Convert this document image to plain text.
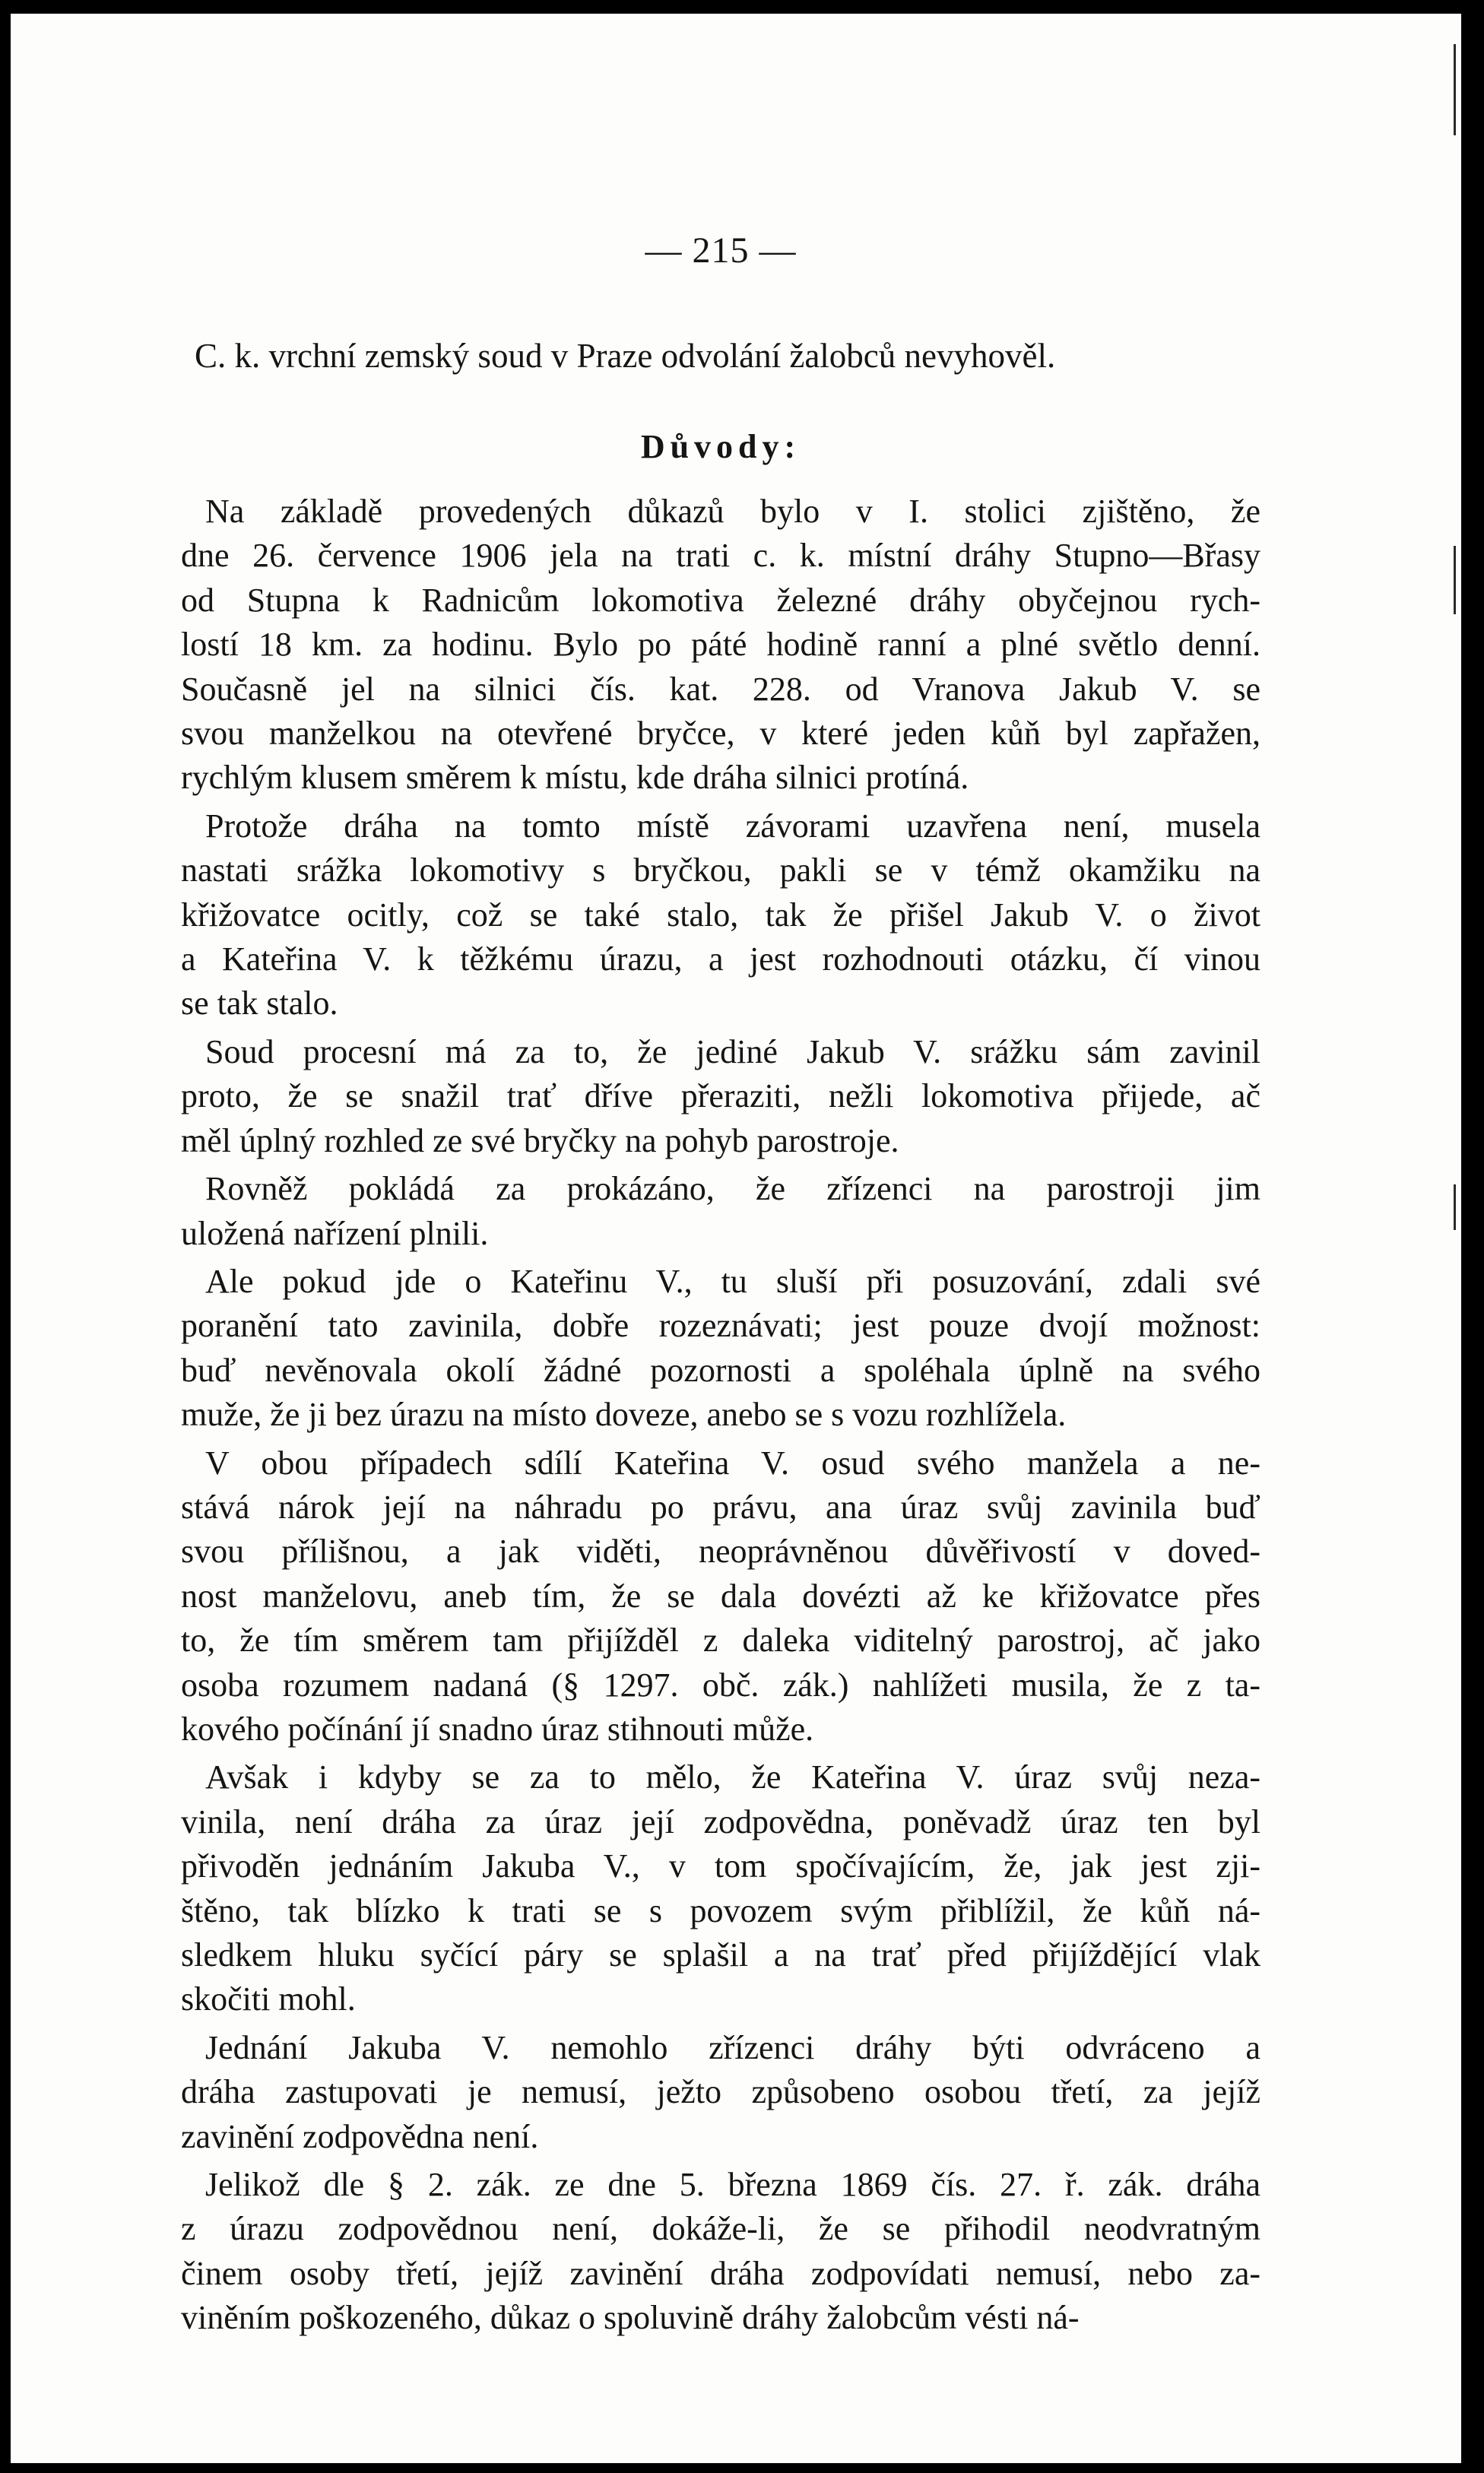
— 215 —
C. k. vrchní zemský soud v Praze odvolání žalobců nevyhověl.
Důvody:
Na základě provedených důkazů bylo v I. stolici zjištěno, že
dne 26. července 1906 jela na trati c. k. místní dráhy Stupno—Břasy
od Stupna k Radnicům lokomotiva železné dráhy obyčejnou rych-
lostí 18 km. za hodinu. Bylo po páté hodině ranní a plné světlo denní.
Současně jel na silnici čís. kat. 228. od Vranova Jakub V. se
svou manželkou na otevřené bryčce, v které jeden kůň byl zapřažen,
rychlým klusem směrem k místu, kde dráha silnici protíná.
Protože dráha na tomto místě závorami uzavřena není, musela
nastati srážka lokomotivy s bryčkou, pakli se v témž okamžiku na
křižovatce ocitly, což se také stalo, tak že přišel Jakub V. o život
a Kateřina V. k těžkému úrazu, a jest rozhodnouti otázku, čí vinou
se tak stalo.
Soud procesní má za to, že jediné Jakub V. srážku sám zavinil
proto, že se snažil trať dříve přeraziti, nežli lokomotiva přijede, ač
měl úplný rozhled ze své bryčky na pohyb parostroje.
Rovněž pokládá za prokázáno, že zřízenci na parostroji jim
uložená nařízení plnili.
Ale pokud jde o Kateřinu V., tu sluší při posuzování, zdali své
poranění tato zavinila, dobře rozeznávati; jest pouze dvojí možnost:
buď nevěnovala okolí žádné pozornosti a spoléhala úplně na svého
muže, že ji bez úrazu na místo doveze, anebo se s vozu rozhlížela.
V obou případech sdílí Kateřina V. osud svého manžela a ne-
stává nárok její na náhradu po právu, ana úraz svůj zavinila buď
svou přílišnou, a jak viděti, neoprávněnou důvěřivostí v doved-
nost manželovu, aneb tím, že se dala dovézti až ke křižovatce přes
to, že tím směrem tam přijížděl z daleka viditelný parostroj, ač jako
osoba rozumem nadaná (§ 1297. obč. zák.) nahlížeti musila, že z ta-
kového počínání jí snadno úraz stihnouti může.
Avšak i kdyby se za to mělo, že Kateřina V. úraz svůj neza-
vinila, není dráha za úraz její zodpovědna, poněvadž úraz ten byl
přivoděn jednáním Jakuba V., v tom spočívajícím, že, jak jest zji-
štěno, tak blízko k trati se s povozem svým přiblížil, že kůň ná-
sledkem hluku syčící páry se splašil a na trať před přijíždějící vlak
skočiti mohl.
Jednání Jakuba V. nemohlo zřízenci dráhy býti odvráceno a
dráha zastupovati je nemusí, ježto způsobeno osobou třetí, za jejíž
zavinění zodpovědna není.
Jelikož dle § 2. zák. ze dne 5. března 1869 čís. 27. ř. zák. dráha
z úrazu zodpovědnou není, dokáže-li, že se přihodil neodvratným
činem osoby třetí, jejíž zavinění dráha zodpovídati nemusí, nebo za-
viněním poškozeného, důkaz o spoluvině dráhy žalobcům vésti ná-
